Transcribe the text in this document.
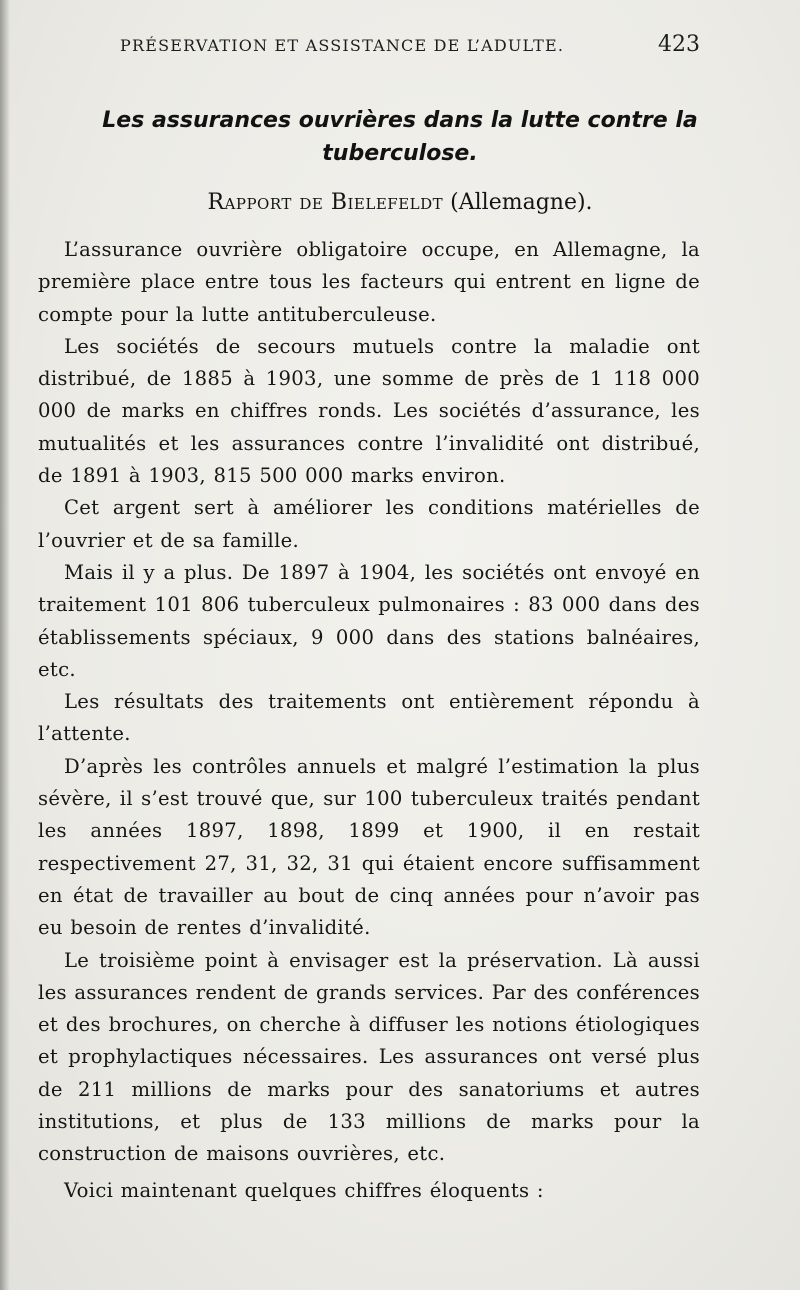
PRÉSERVATION ET ASSISTANCE DE L’ADULTE.	423
Les assurances ouvrières dans la lutte contre la tuberculose.
Rapport de Bielefeldt (Allemagne).

L’assurance ouvrière obligatoire occupe, en Allemagne, la première place entre tous les facteurs qui entrent en ligne de compte pour la lutte antituberculeuse.

Les sociétés de secours mutuels contre la maladie ont distribué, de 1885 à 1903, une somme de près de 1 118 000 000 de marks en chiffres ronds. Les sociétés d’assurance, les mutualités et les assurances contre l’invalidité ont distribué, de 1891 à 1903, 815 500 000 marks environ.

Cet argent sert à améliorer les conditions matérielles de l’ouvrier et de sa famille.

Mais il y a plus. De 1897 à 1904, les sociétés ont envoyé en traitement 101 806 tuberculeux pulmonaires : 83 000 dans des établissements spéciaux, 9 000 dans des stations balnéaires, etc.

Les résultats des traitements ont entièrement répondu à l’attente.

D’après les contrôles annuels et malgré l’estimation la plus sévère, il s’est trouvé que, sur 100 tuberculeux traités pendant les années 1897, 1898, 1899 et 1900, il en restait respectivement 27, 31, 32, 31 qui étaient encore suffisamment en état de travailler au bout de cinq années pour n’avoir pas eu besoin de rentes d’invalidité.

Le troisième point à envisager est la préservation. Là aussi les assurances rendent de grands services. Par des conférences et des brochures, on cherche à diffuser les notions étiologiques et prophylactiques nécessaires. Les assurances ont versé plus de 211 millions de marks pour des sanatoriums et autres institutions, et plus de 133 millions de marks pour la construction de maisons ouvrières, etc.

Voici maintenant quelques chiffres éloquents :
